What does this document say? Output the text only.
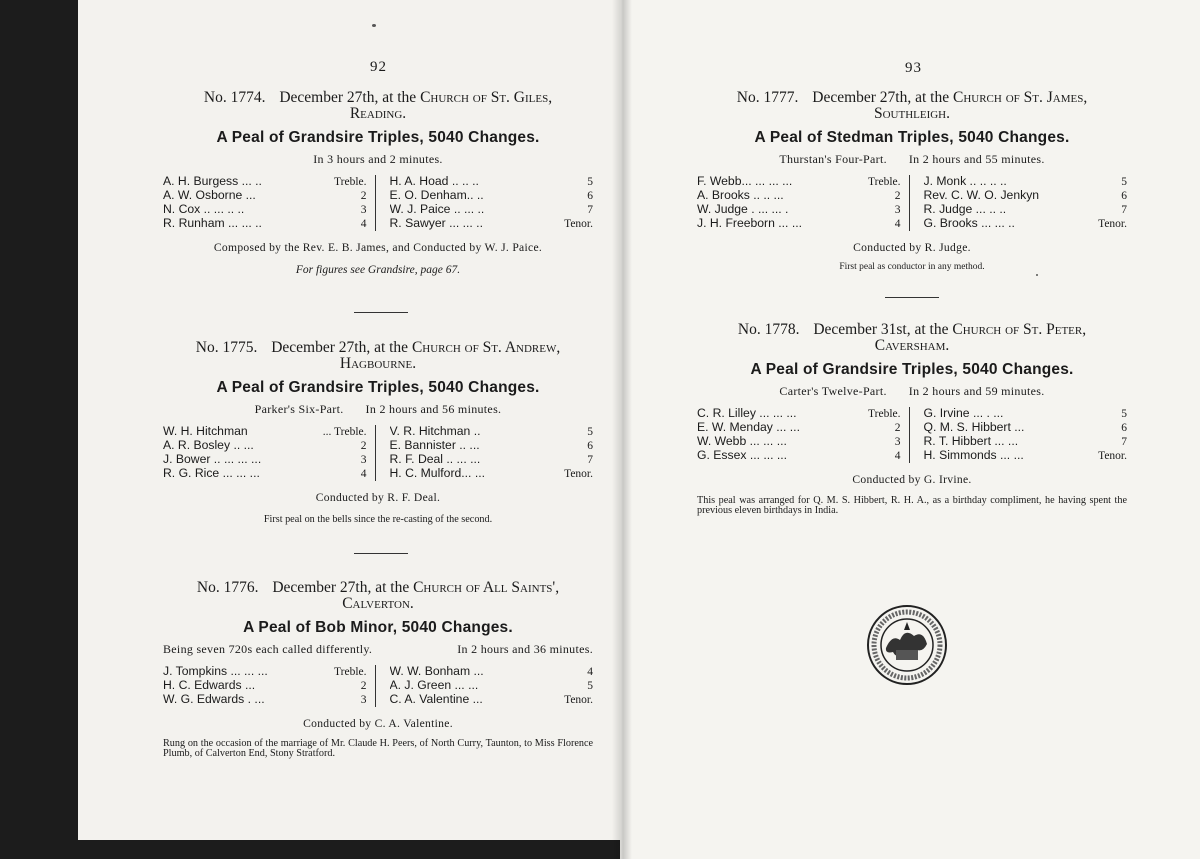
92	93
No. 1774. December 27th, at the Church of St. Giles,
Reading.
A Peal of Grandsire Triples, 5040 Changes.
In 3 hours and 2 minutes.
A. H. Burgess ... ..	Treble.
A. W. Osborne ...	2
N. Cox .. ... .. ..	3
R. Runham ... ... ..	4
H. A. Hoad .. .. ..	5
E. O. Denham.. ..	6
W. J. Paice .. ... ..	7
R. Sawyer ... ... ..	Tenor.
Composed by the Rev. E. B. James, and Conducted by W. J. Paice.
For figures see Grandsire, page 67.
No. 1775. December 27th, at the Church of St. Andrew,
Hagbourne.
A Peal of Grandsire Triples, 5040 Changes.
Parker's Six-Part. In 2 hours and 56 minutes.
W. H. Hitchman	... Treble.
A. R. Bosley .. ...	2
J. Bower .. ... ... ...	3
R. G. Rice ... ... ...	4
V. R. Hitchman ..	5
E. Bannister .. ...	6
R. F. Deal .. ... ...	7
H. C. Mulford... ...	Tenor.
Conducted by R. F. Deal.
First peal on the bells since the re-casting of the second.
No. 1776. December 27th, at the Church of All Saints',
Calverton.
A Peal of Bob Minor, 5040 Changes.
Being seven 720s each called differently.	In 2 hours and 36 minutes.
J. Tompkins ... ... ...	Treble.
H. C. Edwards ...	2
W. G. Edwards . ...	3
W. W. Bonham ...	4
A. J. Green ... ...	5
C. A. Valentine ...	Tenor.
Conducted by C. A. Valentine.
Rung on the occasion of the marriage of Mr. Claude H. Peers, of North Curry, Taunton, to Miss Florence Plumb, of Calverton End, Stony Stratford.
No. 1777. December 27th, at the Church of St. James,
Southleigh.
A Peal of Stedman Triples, 5040 Changes.
Thurstan's Four-Part. In 2 hours and 55 minutes.
F. Webb... ... ... ...	Treble.
A. Brooks .. .. ...	2
W. Judge . ... ... .	3
J. H. Freeborn ... ...	4
J. Monk .. .. .. ..	5
Rev. C. W. O. Jenkyn	6
R. Judge ... .. ..	7
G. Brooks ... ... ..	Tenor.
Conducted by R. Judge.
First peal as conductor in any method.
No. 1778. December 31st, at the Church of St. Peter,
Caversham.
A Peal of Grandsire Triples, 5040 Changes.
Carter's Twelve-Part. In 2 hours and 59 minutes.
C. R. Lilley ... ... ...	Treble.
E. W. Menday ... ...	2
W. Webb ... ... ...	3
G. Essex ... ... ...	4
G. Irvine ... . ...	5
Q. M. S. Hibbert ...	6
R. T. Hibbert ... ...	7
H. Simmonds ... ...	Tenor.
Conducted by G. Irvine.
This peal was arranged for Q. M. S. Hibbert, R. H. A., as a birthday compliment, he having spent the previous eleven birthdays in India.
